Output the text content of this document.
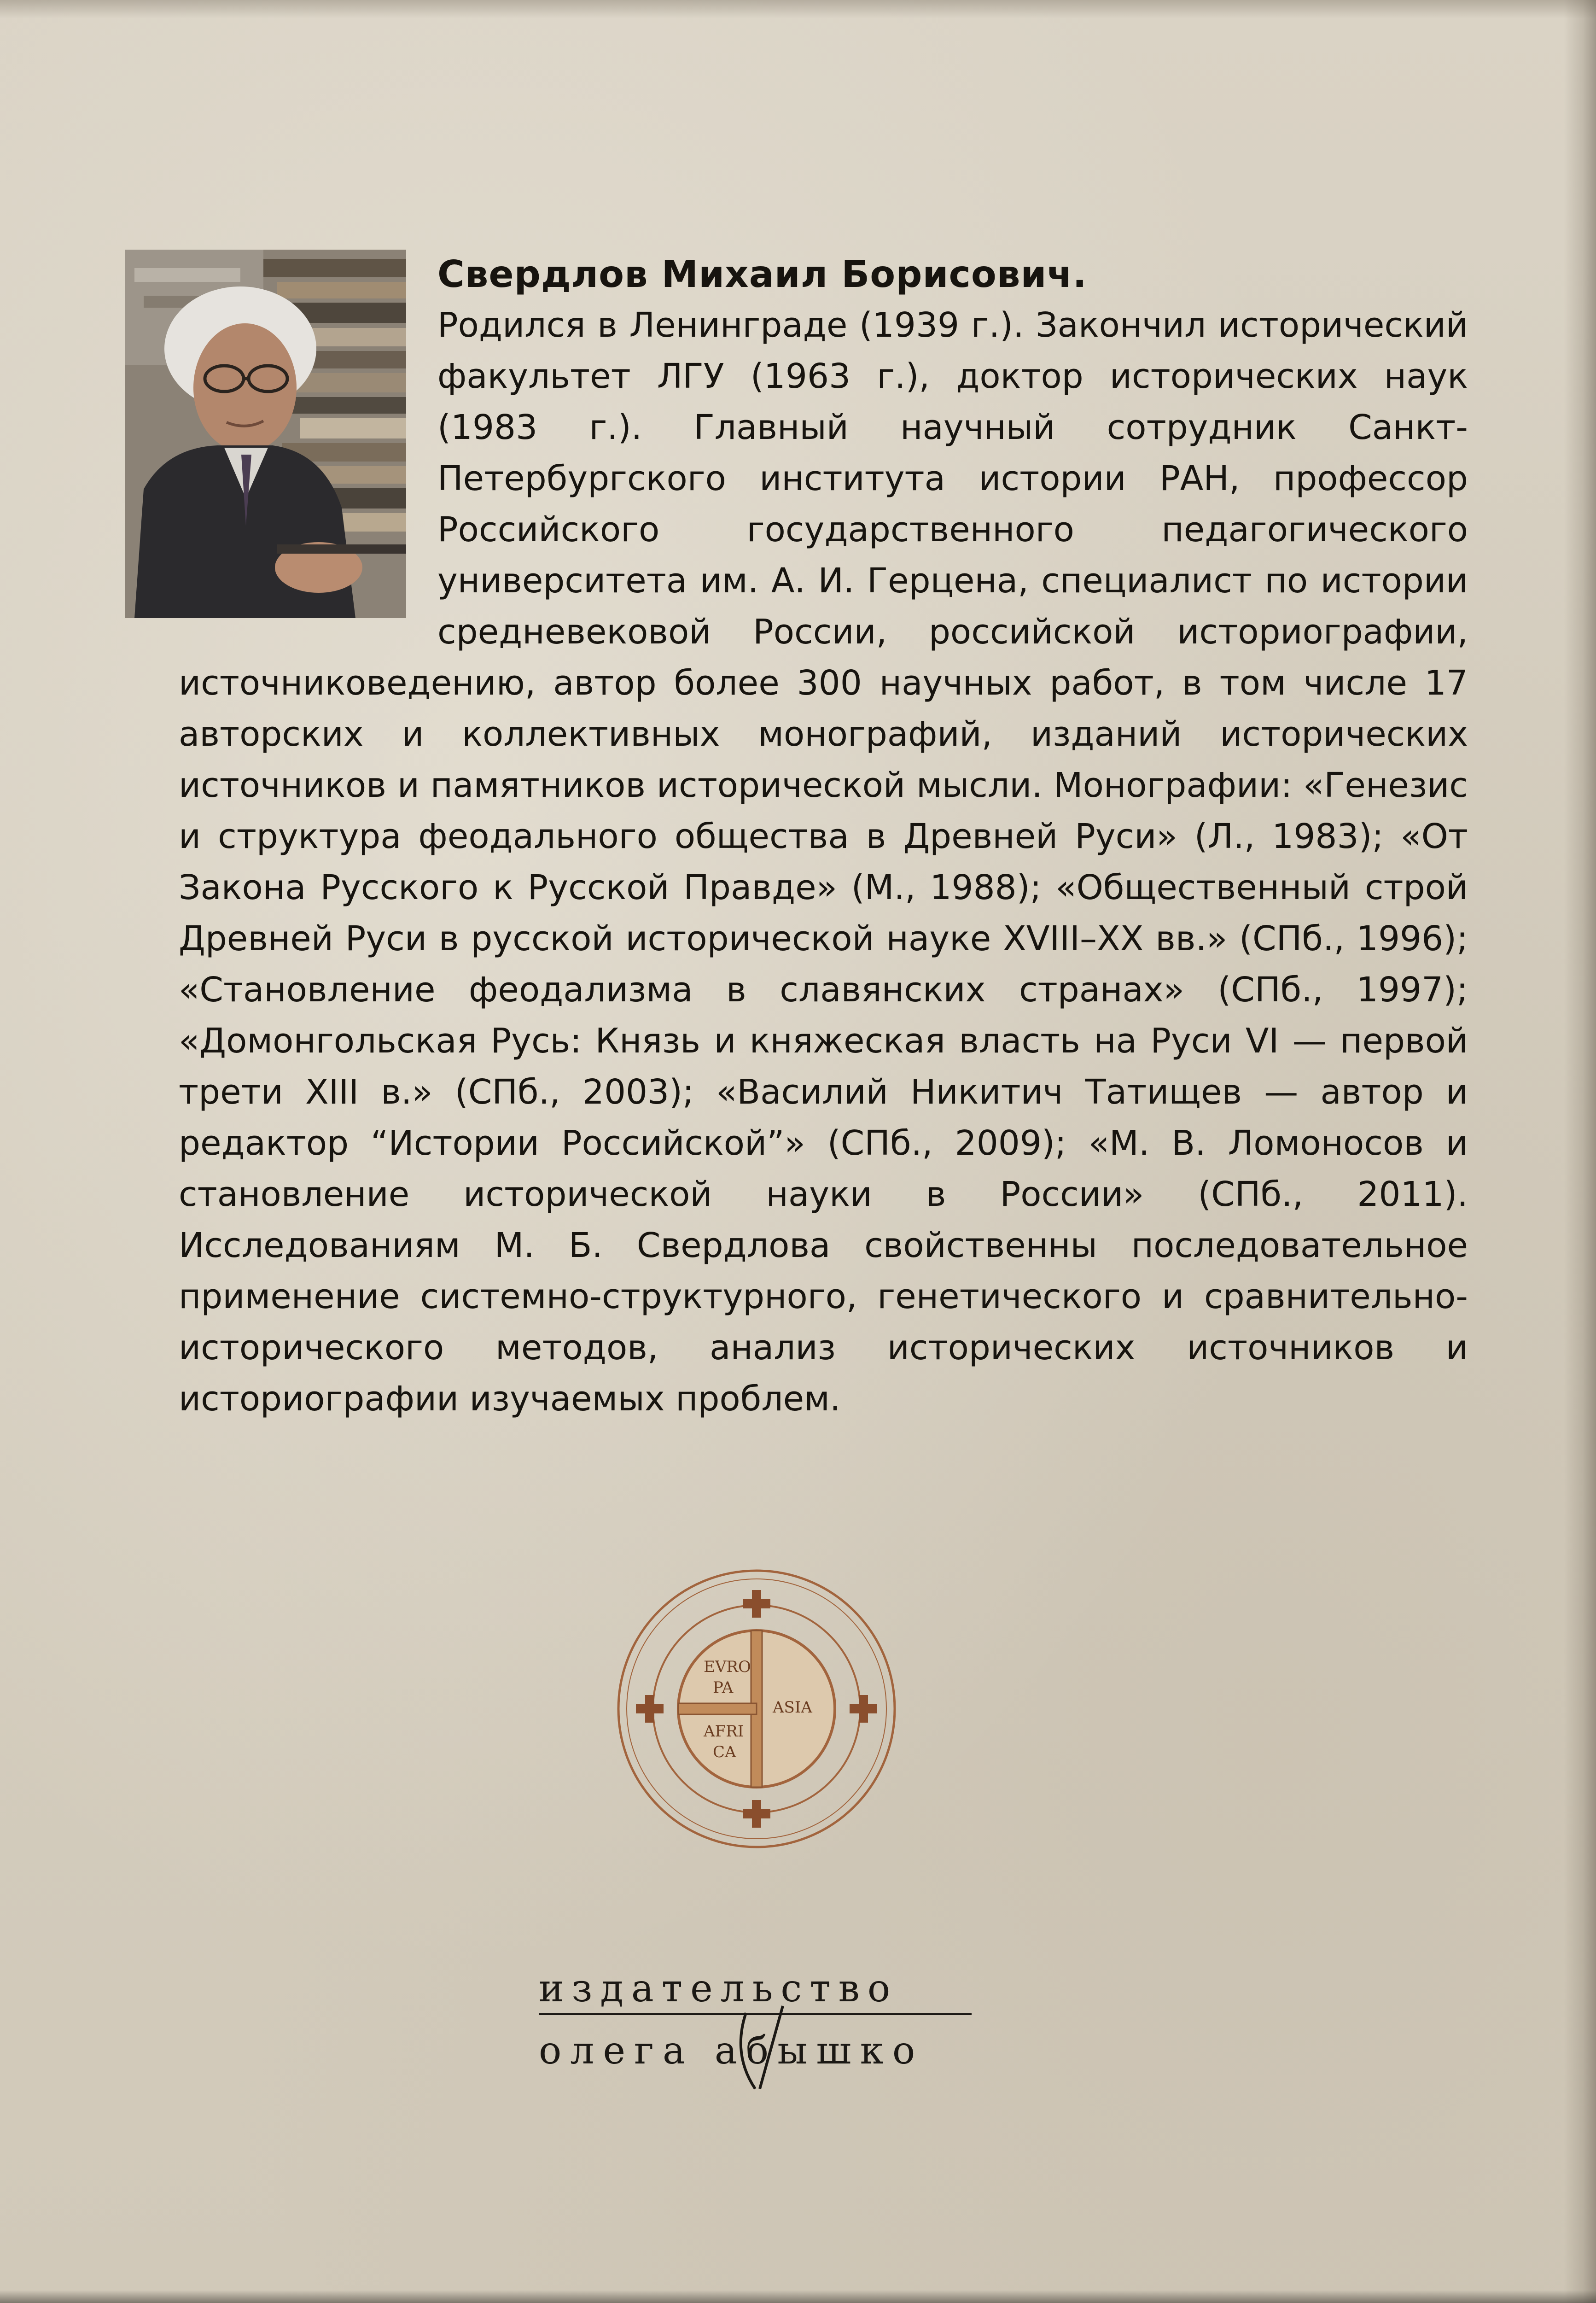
Свердлов Михаил Борисович.
Родился в Ленинграде (1939 г.). Закончил исторический факультет ЛГУ (1963 г.), доктор исторических наук (1983 г.). Главный научный сотрудник Санкт-Петербургского института истории РАН, профессор Российского государственного педагогического университета им. А. И. Герцена, специалист по истории средневековой России, российской историографии, источниковедению, автор более 300 научных работ, в том числе 17 авторских и коллективных монографий, изданий исторических источников и памятников исторической мысли. Монографии: «Генезис и структура феодального общества в Древней Руси» (Л., 1983); «От Закона Русского к Русской Правде» (М., 1988); «Общественный строй Древней Руси в русской исторической науке XVIII–XX вв.» (СПб., 1996); «Становление феодализма в славянских странах» (СПб., 1997); «Домонгольская Русь: Князь и княжеская власть на Руси VI — первой трети XIII в.» (СПб., 2003); «Василий Никитич Татищев — автор и редактор “Истории Российской”» (СПб., 2009); «М. В. Ломоносов и становление исторической науки в России» (СПб., 2011). Исследованиям М. Б. Свердлова свойственны последовательное применение системно-структурного, генетического и сравнительно-исторического методов, анализ исторических источников и историографии изучаемых проблем.
EVRO
PA
ASIA
AFRI
CA
издательство
олега абышко
